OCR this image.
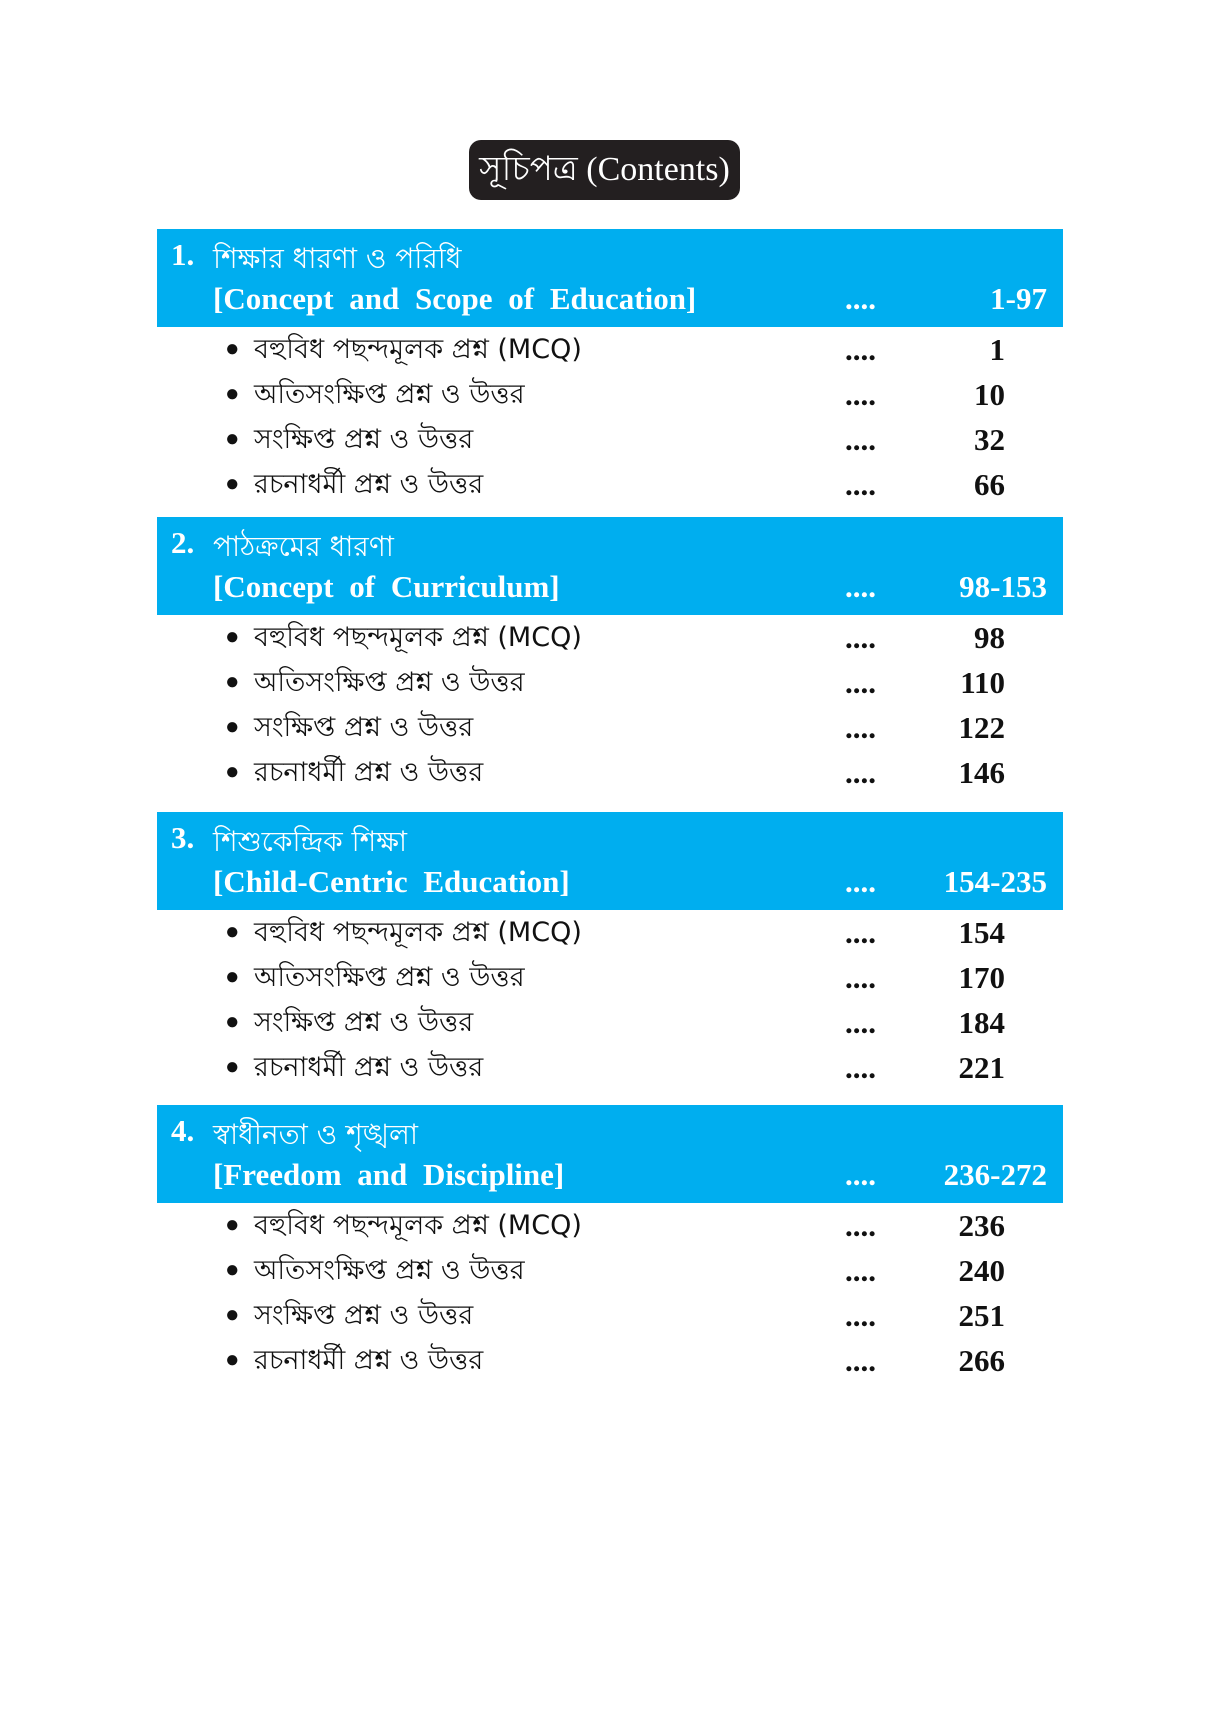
সূচিপত্র (Contents)
1. শিক্ষার ধারণা ও পরিধি
[Concept and Scope of Education]	....	1-97
● বহুবিধ পছন্দমূলক প্রশ্ন (MCQ)	....	1
● অতিসংক্ষিপ্ত প্রশ্ন ও উত্তর	....	10
● সংক্ষিপ্ত প্রশ্ন ও উত্তর	....	32
● রচনাধর্মী প্রশ্ন ও উত্তর	....	66
2. পাঠক্রমের ধারণা
[Concept of Curriculum]	....	98-153
● বহুবিধ পছন্দমূলক প্রশ্ন (MCQ)	....	98
● অতিসংক্ষিপ্ত প্রশ্ন ও উত্তর	....	110
● সংক্ষিপ্ত প্রশ্ন ও উত্তর	....	122
● রচনাধর্মী প্রশ্ন ও উত্তর	....	146
3. শিশুকেন্দ্রিক শিক্ষা
[Child-Centric Education]	.... 154-235
● বহুবিধ পছন্দমূলক প্রশ্ন (MCQ)	....	154
● অতিসংক্ষিপ্ত প্রশ্ন ও উত্তর	....	170
● সংক্ষিপ্ত প্রশ্ন ও উত্তর	....	184
● রচনাধর্মী প্রশ্ন ও উত্তর	....	221
4. স্বাধীনতা ও শৃঙ্খলা
[Freedom and Discipline]	.... 236-272
● বহুবিধ পছন্দমূলক প্রশ্ন (MCQ)	....	236
● অতিসংক্ষিপ্ত প্রশ্ন ও উত্তর	....	240
● সংক্ষিপ্ত প্রশ্ন ও উত্তর	....	251
● রচনাধর্মী প্রশ্ন ও উত্তর	....	266
